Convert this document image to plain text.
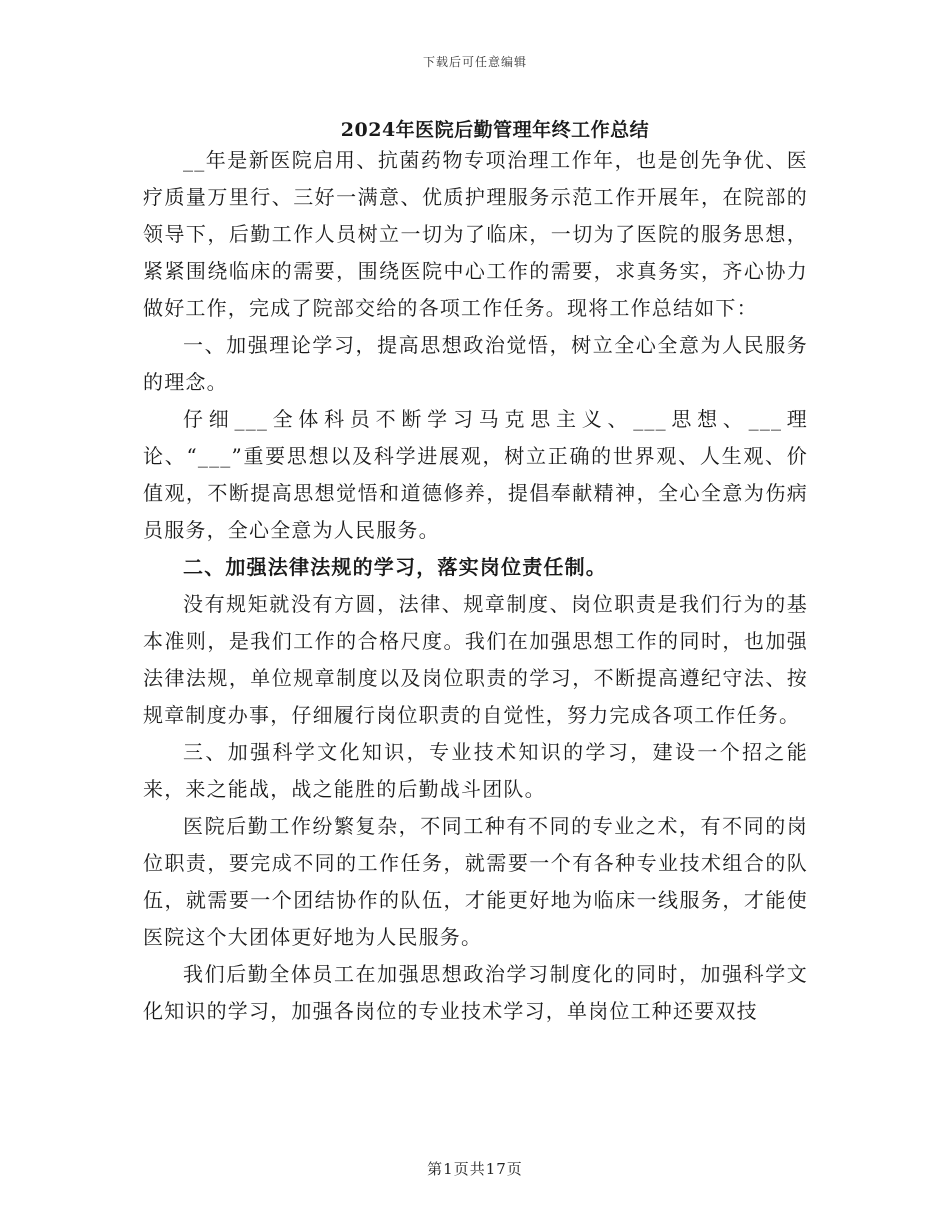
下载后可任意编辑
2024年医院后勤管理年终工作总结

__年是新医院启用、抗菌药物专项治理工作年，也是创先争优、医疗质量万里行、三好一满意、优质护理服务示范工作开展年，在院部的领导下，后勤工作人员树立一切为了临床，一切为了医院的服务思想，紧紧围绕临床的需要，围绕医院中心工作的需要，求真务实，齐心协力做好工作，完成了院部交给的各项工作任务。现将工作总结如下：

一、加强理论学习，提高思想政治觉悟，树立全心全意为人民服务的理念。

仔细___全体科员不断学习马克思主义、___思想、___理论、“___”重要思想以及科学进展观，树立正确的世界观、人生观、价值观，不断提高思想觉悟和道德修养，提倡奉献精神，全心全意为伤病员服务，全心全意为人民服务。

二、加强法律法规的学习，落实岗位责任制。

没有规矩就没有方圆，法律、规章制度、岗位职责是我们行为的基本准则，是我们工作的合格尺度。我们在加强思想工作的同时，也加强法律法规，单位规章制度以及岗位职责的学习，不断提高遵纪守法、按规章制度办事，仔细履行岗位职责的自觉性，努力完成各项工作任务。

三、加强科学文化知识，专业技术知识的学习，建设一个招之能来，来之能战，战之能胜的后勤战斗团队。

医院后勤工作纷繁复杂，不同工种有不同的专业之术，有不同的岗位职责，要完成不同的工作任务，就需要一个有各种专业技术组合的队伍，就需要一个团结协作的队伍，才能更好地为临床一线服务，才能使医院这个大团体更好地为人民服务。

我们后勤全体员工在加强思想政治学习制度化的同时，加强科学文化知识的学习，加强各岗位的专业技术学习，单岗位工种还要双技

第1页共17页
